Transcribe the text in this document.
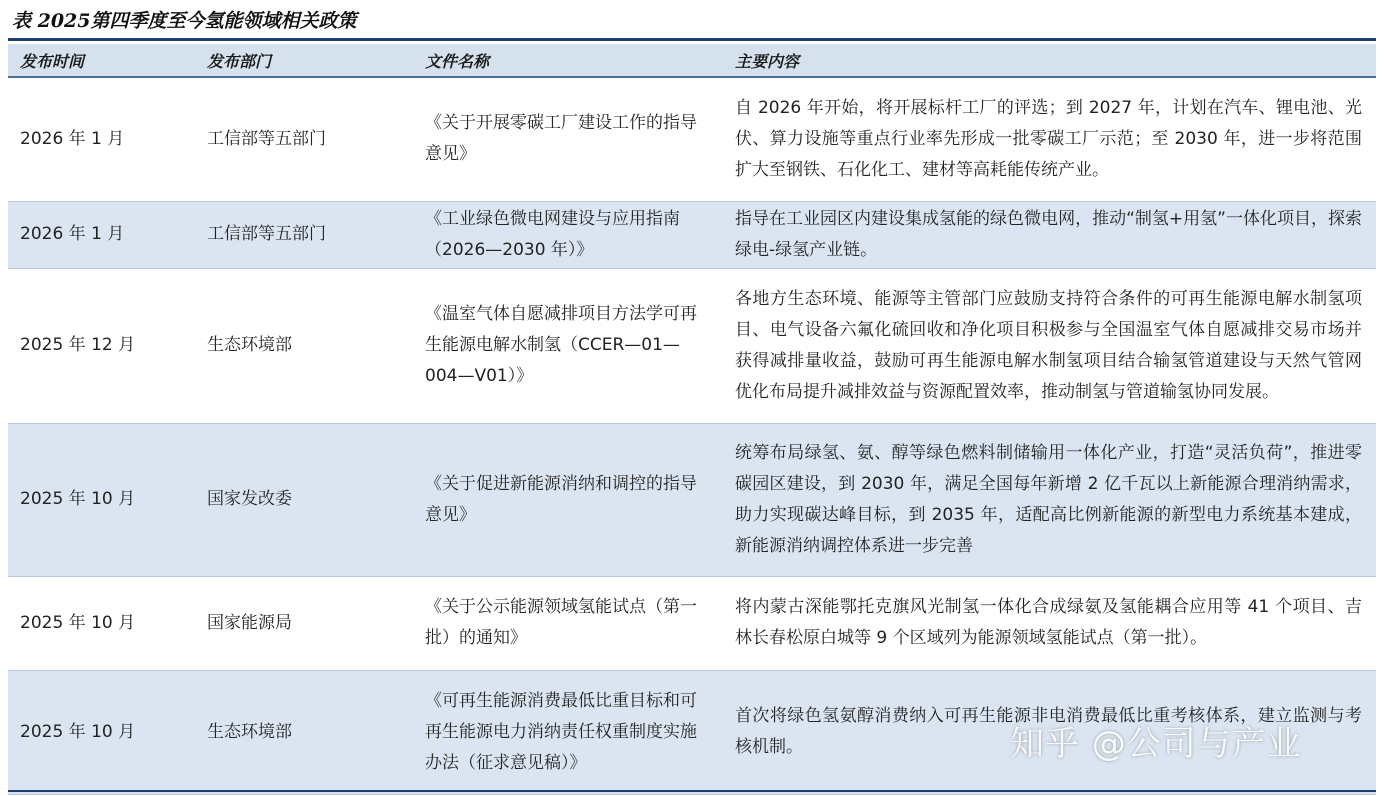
表 2025第四季度至今氢能领域相关政策
发布时间	发布部门	文件名称	主要内容
2026 年 1 月	工信部等五部门	《关于开展零碳工厂建设工作的指导意见》	自 2026 年开始，将开展标杆工厂的评选；到 2027 年，计划在汽车、锂电池、光伏、算力设施等重点行业率先形成一批零碳工厂示范；至 2030 年，进一步将范围扩大至钢铁、石化化工、建材等高耗能传统产业。
2026 年 1 月	工信部等五部门	《工业绿色微电网建设与应用指南（2026—2030 年）》	指导在工业园区内建设集成氢能的绿色微电网，推动“制氢+用氢”一体化项目，探索绿电-绿氢产业链。
2025 年 12 月	生态环境部	《温室气体自愿减排项目方法学可再生能源电解水制氢（CCER—01—004—V01）》	各地方生态环境、能源等主管部门应鼓励支持符合条件的可再生能源电解水制氢项目、电气设备六氟化硫回收和净化项目积极参与全国温室气体自愿减排交易市场并获得减排量收益，鼓励可再生能源电解水制氢项目结合输氢管道建设与天然气管网优化布局提升减排效益与资源配置效率，推动制氢与管道输氢协同发展。
2025 年 10 月	国家发改委	《关于促进新能源消纳和调控的指导意见》	统筹布局绿氢、氨、醇等绿色燃料制储输用一体化产业，打造“灵活负荷”，推进零碳园区建设，到 2030 年，满足全国每年新增 2 亿千瓦以上新能源合理消纳需求，助力实现碳达峰目标，到 2035 年，适配高比例新能源的新型电力系统基本建成，新能源消纳调控体系进一步完善
2025 年 10 月	国家能源局	《关于公示能源领域氢能试点（第一批）的通知》	将内蒙古深能鄂托克旗风光制氢一体化合成绿氨及氢能耦合应用等 41 个项目、吉林长春松原白城等 9 个区域列为能源领域氢能试点（第一批）。
2025 年 10 月	生态环境部	《可再生能源消费最低比重目标和可再生能源电力消纳责任权重制度实施办法（征求意见稿）》	首次将绿色氢氨醇消费纳入可再生能源非电消费最低比重考核体系，建立监测与考核机制。	知乎 @公司与产业
